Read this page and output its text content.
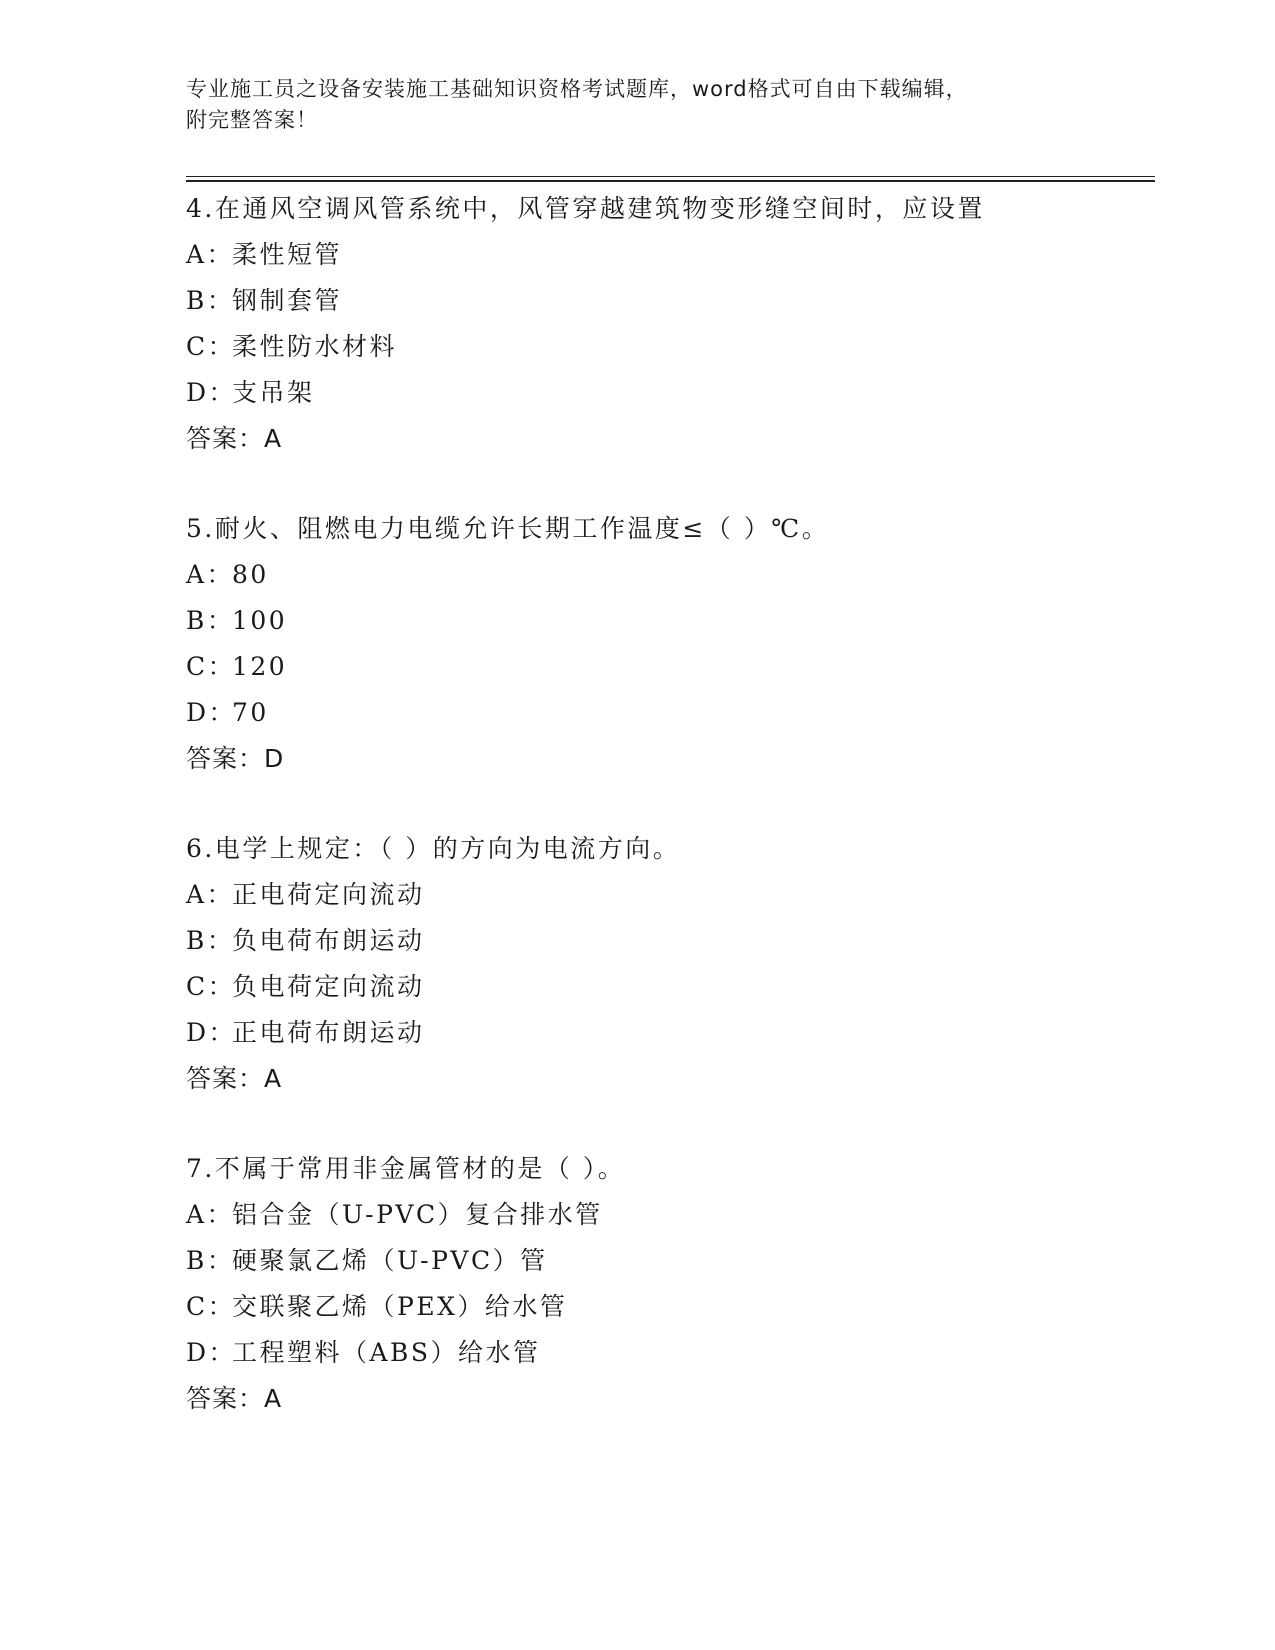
专业施工员之设备安装施工基础知识资格考试题库，word格式可自由下载编辑，
附完整答案！
4.在通风空调风管系统中，风管穿越建筑物变形缝空间时，应设置
A：柔性短管
B：钢制套管
C：柔性防水材料
D：支吊架
答案：A
5.耐火、阻燃电力电缆允许长期工作温度≤（ ）℃。
A：80
B：100
C：120
D：70
答案：D
6.电学上规定：（ ）的方向为电流方向。
A：正电荷定向流动
B：负电荷布朗运动
C：负电荷定向流动
D：正电荷布朗运动
答案：A
7.不属于常用非金属管材的是（ ）。
A：铝合金（U-PVC）复合排水管
B：硬聚氯乙烯（U-PVC）管
C：交联聚乙烯（PEX）给水管
D：工程塑料（ABS）给水管
答案：A
